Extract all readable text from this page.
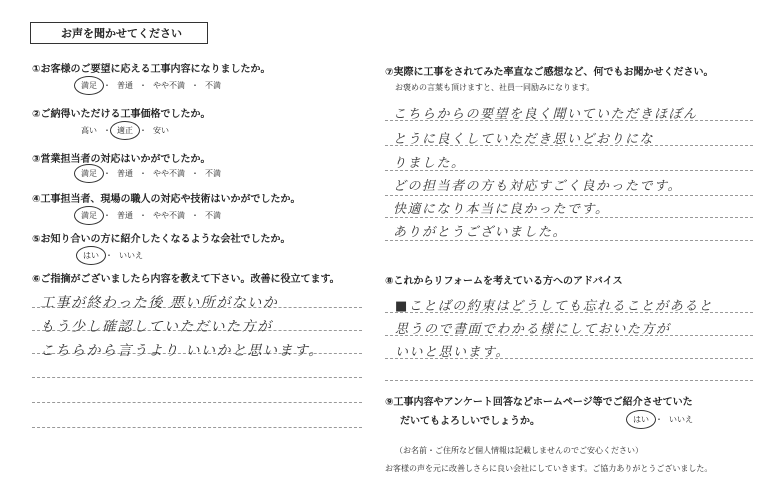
お声を聞かせてください
①お客様のご要望に応える工事内容になりましたか。
満足 ・ 普通 ・ やや不満 ・ 不満
②ご納得いただける工事価格でしたか。
高い ・ 適正 ・ 安い
③営業担当者の対応はいかがでしたか。
満足 ・ 普通 ・ やや不満 ・ 不満
④工事担当者、現場の職人の対応や技術はいかがでしたか。
満足 ・ 普通 ・ やや不満 ・ 不満
⑤お知り合いの方に紹介したくなるような会社でしたか。
はい ・ いいえ
⑥ご指摘がございましたら内容を教えて下さい。改善に役立てます。
工事が終わった後 悪い所がないか
もう少し確認していただいた方が
こちらから言うより いいかと思います。
⑦実際に工事をされてみた率直なご感想など、何でもお聞かせください。
お褒めの言葉も頂けますと、社員一同励みになります。
こちらからの要望を良く聞いていただきほぼん
とうに良くしていただき思いどおりにな
りました。
どの担当者の方も対応すごく良かったです。
快適になり本当に良かったです。
ありがとうございました。
⑧これからリフォームを考えている方へのアドバイス
■ことばの約束はどうしても忘れることがあると
思うので書面でわかる様にしておいた方が
いいと思います。
⑨工事内容やアンケート回答などホームページ等でご紹介させていた
だいてもよろしいでしょうか。	はい ・ いいえ
（お名前・ご住所など個人情報は記載しませんのでご安心ください）
お客様の声を元に改善しさらに良い会社にしていきます。ご協力ありがとうございました。
